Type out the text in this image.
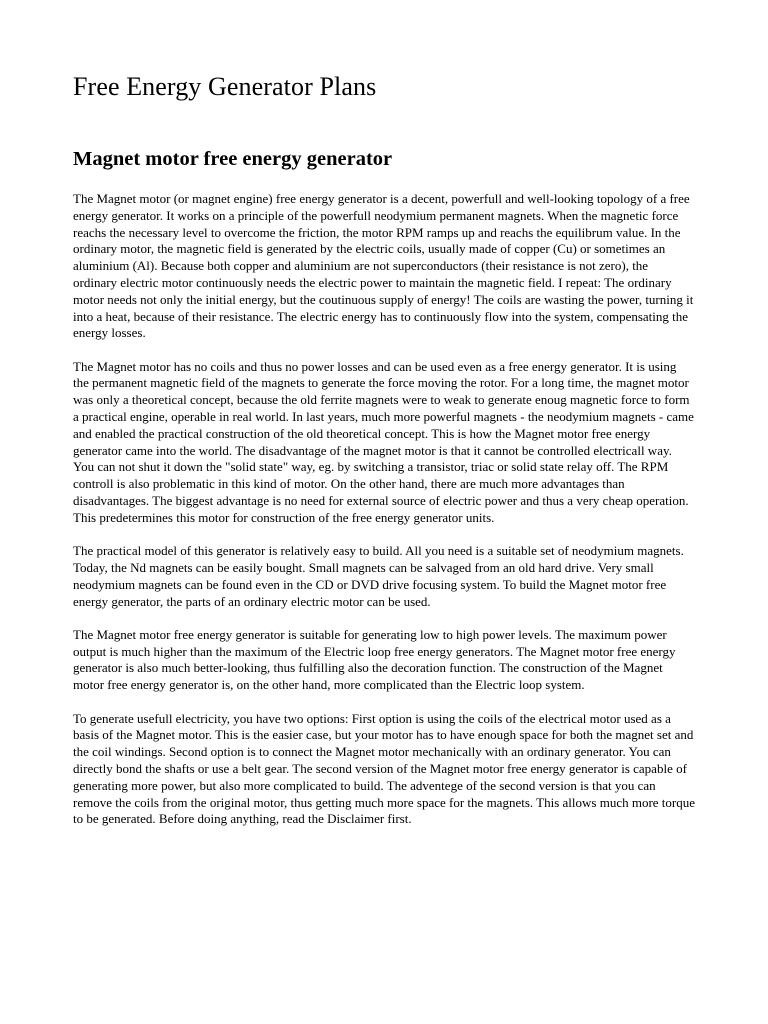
Free Energy Generator Plans
Magnet motor free energy generator

The Magnet motor (or magnet engine) free energy generator is a decent, powerfull and well-looking topology of a free energy generator. It works on a principle of the powerfull neodymium permanent magnets. When the magnetic force reachs the necessary level to overcome the friction, the motor RPM ramps up and reachs the equilibrum value. In the ordinary motor, the magnetic field is generated by the electric coils, usually made of copper (Cu) or sometimes an aluminium (Al). Because both copper and aluminium are not superconductors (their resistance is not zero), the ordinary electric motor continuously needs the electric power to maintain the magnetic field. I repeat: The ordinary motor needs not only the initial energy, but the coutinuous supply of energy! The coils are wasting the power, turning it into a heat, because of their resistance. The electric energy has to continuously flow into the system, compensating the energy losses.

The Magnet motor has no coils and thus no power losses and can be used even as a free energy generator. It is using the permanent magnetic field of the magnets to generate the force moving the rotor. For a long time, the magnet motor was only a theoretical concept, because the old ferrite magnets were to weak to generate enoug magnetic force to form a practical engine, operable in real world. In last years, much more powerful magnets - the neodymium magnets - came and enabled the practical construction of the old theoretical concept. This is how the Magnet motor free energy generator came into the world. The disadvantage of the magnet motor is that it cannot be controlled electricall way. You can not shut it down the "solid state" way, eg. by switching a transistor, triac or solid state relay off. The RPM controll is also problematic in this kind of motor. On the other hand, there are much more advantages than disadvantages. The biggest advantage is no need for external source of electric power and thus a very cheap operation. This predetermines this motor for construction of the free energy generator units.

The practical model of this generator is relatively easy to build. All you need is a suitable set of neodymium magnets. Today, the Nd magnets can be easily bought. Small magnets can be salvaged from an old hard drive. Very small neodymium magnets can be found even in the CD or DVD drive focusing system. To build the Magnet motor free energy generator, the parts of an ordinary electric motor can be used.

The Magnet motor free energy generator is suitable for generating low to high power levels. The maximum power output is much higher than the maximum of the Electric loop free energy generators. The Magnet motor free energy generator is also much better-looking, thus fulfilling also the decoration function. The construction of the Magnet motor free energy generator is, on the other hand, more complicated than the Electric loop system.

To generate usefull electricity, you have two options: First option is using the coils of the electrical motor used as a basis of the Magnet motor. This is the easier case, but your motor has to have enough space for both the magnet set and the coil windings. Second option is to connect the Magnet motor mechanically with an ordinary generator. You can directly bond the shafts or use a belt gear. The second version of the Magnet motor free energy generator is capable of generating more power, but also more complicated to build. The adventege of the second version is that you can remove the coils from the original motor, thus getting much more space for the magnets. This allows much more torque to be generated. Before doing anything, read the Disclaimer first.
